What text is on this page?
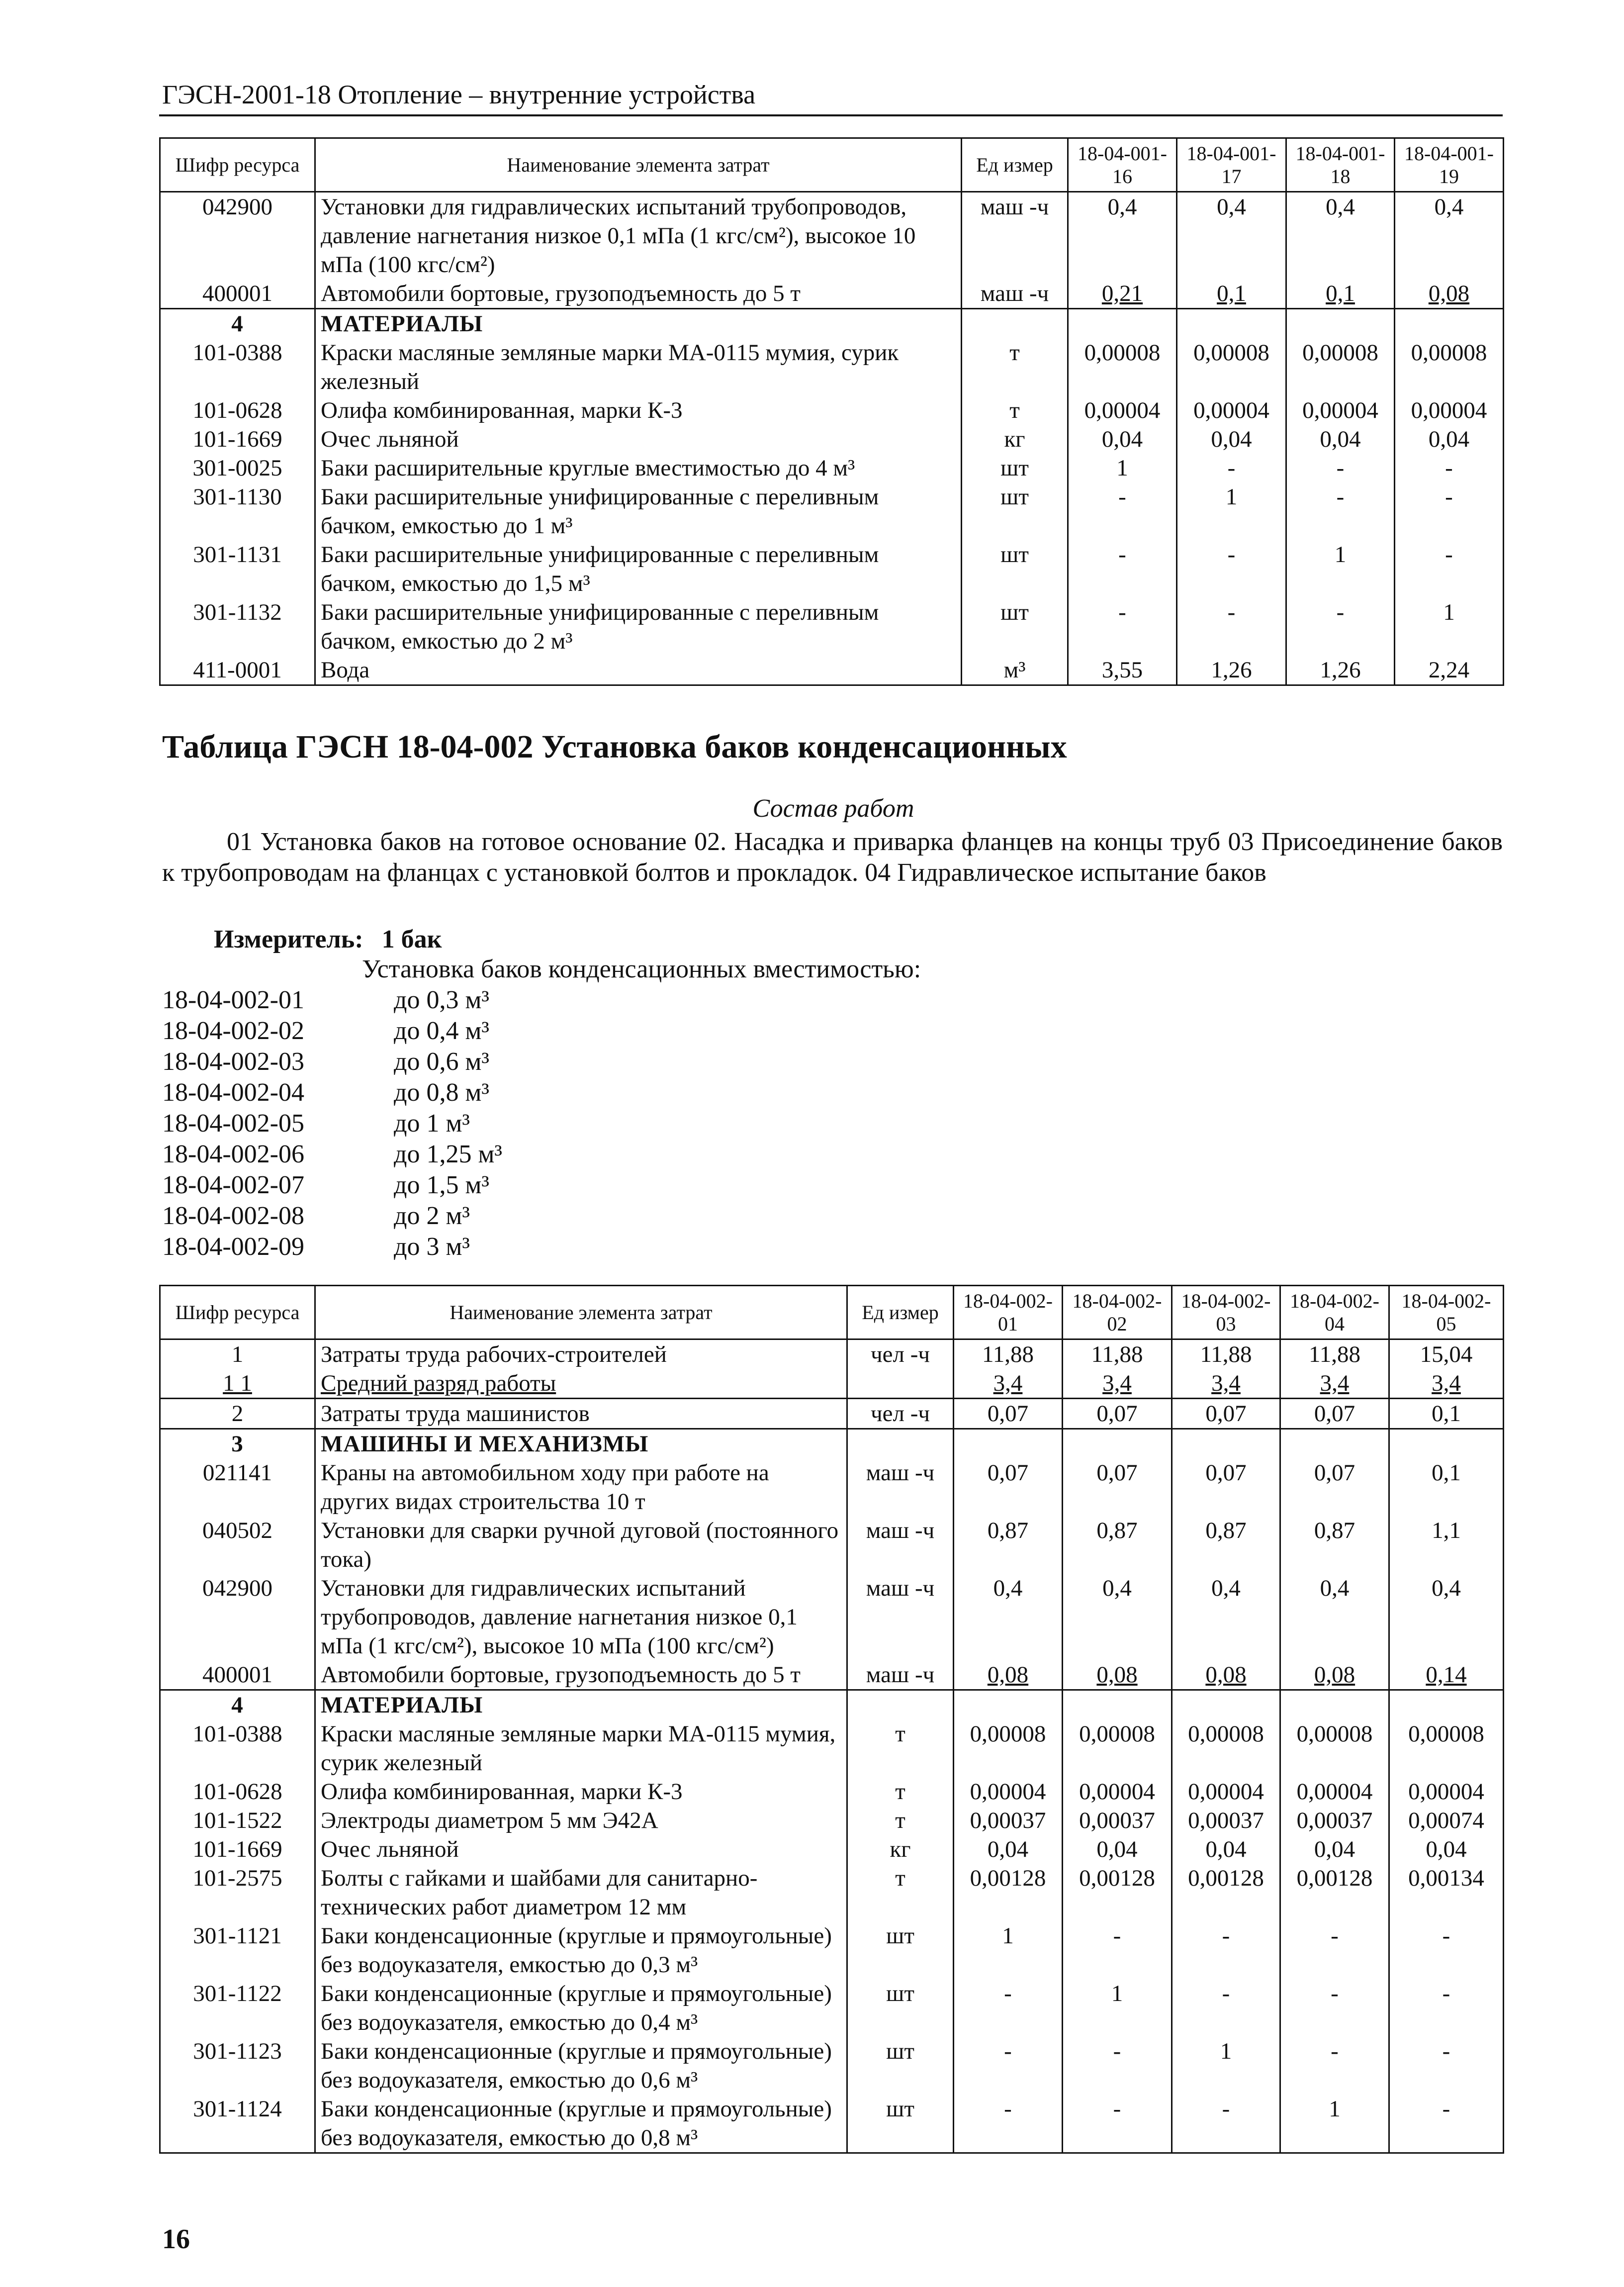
ГЭСН-2001-18 Отопление – внутренние устройства
Шифр ресурса	Наименование элемента затрат	Ед измер	18-04-001-16	18-04-001-17	18-04-001-18	18-04-001-19
042900	Установки для гидравлических испытаний трубопроводов, давление нагнетания низкое 0,1 мПа (1 кгс/см²), высокое 10 мПа (100 кгс/см²)	маш -ч	0,4	0,4	0,4	0,4
400001	Автомобили бортовые, грузоподъемность до 5 т	маш -ч	0,21	0,1	0,1	0,08
4	МАТЕРИАЛЫ					
101-0388	Краски масляные земляные марки МА-0115 мумия, сурик железный	т	0,00008	0,00008	0,00008	0,00008
101-0628	Олифа комбинированная, марки К-3	т	0,00004	0,00004	0,00004	0,00004
101-1669	Очес льняной	кг	0,04	0,04	0,04	0,04
301-0025	Баки расширительные круглые вместимостью до 4 м³	шт	1	-	-	-
301-1130	Баки расширительные унифицированные с переливным бачком, емкостью до 1 м³	шт	-	1	-	-
301-1131	Баки расширительные унифицированные с переливным бачком, емкостью до 1,5 м³	шт	-	-	1	-
301-1132	Баки расширительные унифицированные с переливным бачком, емкостью до 2 м³	шт	-	-	-	1
411-0001	Вода	м³	3,55	1,26	1,26	2,24
Таблица ГЭСН 18-04-002 Установка баков конденсационных
Состав работ
01 Установка баков на готовое основание 02. Насадка и приварка фланцев на концы труб 03 Присоединение баков к трубопроводам на фланцах с установкой болтов и прокладок. 04 Гидравлическое испытание баков
Измеритель: 1 бак
Установка баков конденсационных вместимостью:
18-04-002-01	до 0,3 м³
18-04-002-02	до 0,4 м³
18-04-002-03	до 0,6 м³
18-04-002-04	до 0,8 м³
18-04-002-05	до 1 м³
18-04-002-06	до 1,25 м³
18-04-002-07	до 1,5 м³
18-04-002-08	до 2 м³
18-04-002-09	до 3 м³
Шифр ресурса	Наименование элемента затрат	Ед измер	18-04-002-01	18-04-002-02	18-04-002-03	18-04-002-04	18-04-002-05
1	Затраты труда рабочих-строителей	чел -ч	11,88	11,88	11,88	11,88	15,04
1 1	Средний разряд работы		3,4	3,4	3,4	3,4	3,4
2	Затраты труда машинистов	чел -ч	0,07	0,07	0,07	0,07	0,1
3	МАШИНЫ И МЕХАНИЗМЫ						
021141	Краны на автомобильном ходу при работе на других видах строительства 10 т	маш -ч	0,07	0,07	0,07	0,07	0,1
040502	Установки для сварки ручной дуговой (постоянного тока)	маш -ч	0,87	0,87	0,87	0,87	1,1
042900	Установки для гидравлических испытаний трубопроводов, давление нагнетания низкое 0,1 мПа (1 кгс/см²), высокое 10 мПа (100 кгс/см²)	маш -ч	0,4	0,4	0,4	0,4	0,4
400001	Автомобили бортовые, грузоподъемность до 5 т	маш -ч	0,08	0,08	0,08	0,08	0,14
4	МАТЕРИАЛЫ						
101-0388	Краски масляные земляные марки МА-0115 мумия, сурик железный	т	0,00008	0,00008	0,00008	0,00008	0,00008
101-0628	Олифа комбинированная, марки К-3	т	0,00004	0,00004	0,00004	0,00004	0,00004
101-1522	Электроды диаметром 5 мм Э42А	т	0,00037	0,00037	0,00037	0,00037	0,00074
101-1669	Очес льняной	кг	0,04	0,04	0,04	0,04	0,04
101-2575	Болты с гайками и шайбами для санитарно-технических работ диаметром 12 мм	т	0,00128	0,00128	0,00128	0,00128	0,00134
301-1121	Баки конденсационные (круглые и прямоугольные) без водоуказателя, емкостью до 0,3 м³	шт	1	-	-	-	-
301-1122	Баки конденсационные (круглые и прямоугольные) без водоуказателя, емкостью до 0,4 м³	шт	-	1	-	-	-
301-1123	Баки конденсационные (круглые и прямоугольные) без водоуказателя, емкостью до 0,6 м³	шт	-	-	1	-	-
301-1124	Баки конденсационные (круглые и прямоугольные) без водоуказателя, емкостью до 0,8 м³	шт	-	-	-	1	-
16
